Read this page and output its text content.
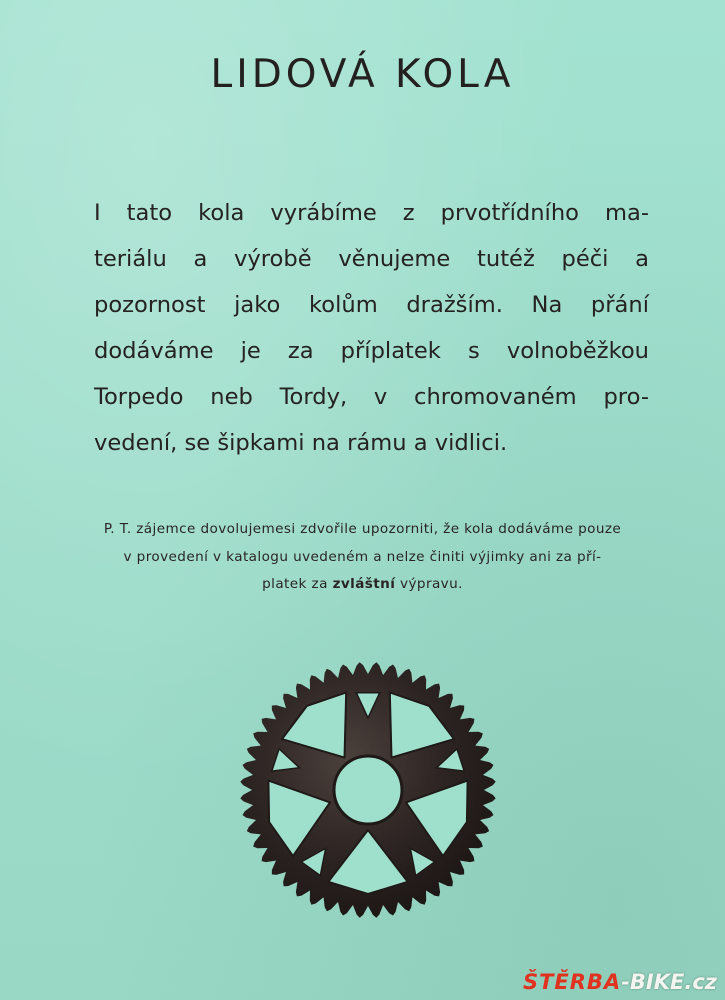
LIDOVÁ KOLA
I tato kola vyrábíme z prvotřídního ma-
teriálu a výrobě věnujeme tutéž péči a
pozornost jako kolům dražším. Na přání
dodáváme je za příplatek s volnoběžkou
Torpedo neb Tordy, v chromovaném pro-
vedení, se šipkami na rámu a vidlici.
P. T. zájemce dovolujemesi zdvořile upozorniti, že kola dodáváme pouze
v provedení v katalogu uvedeném a nelze činiti výjimky ani za pří-
platek za zvláštní výpravu.
ŠTĚRBA-BIKE.cz
